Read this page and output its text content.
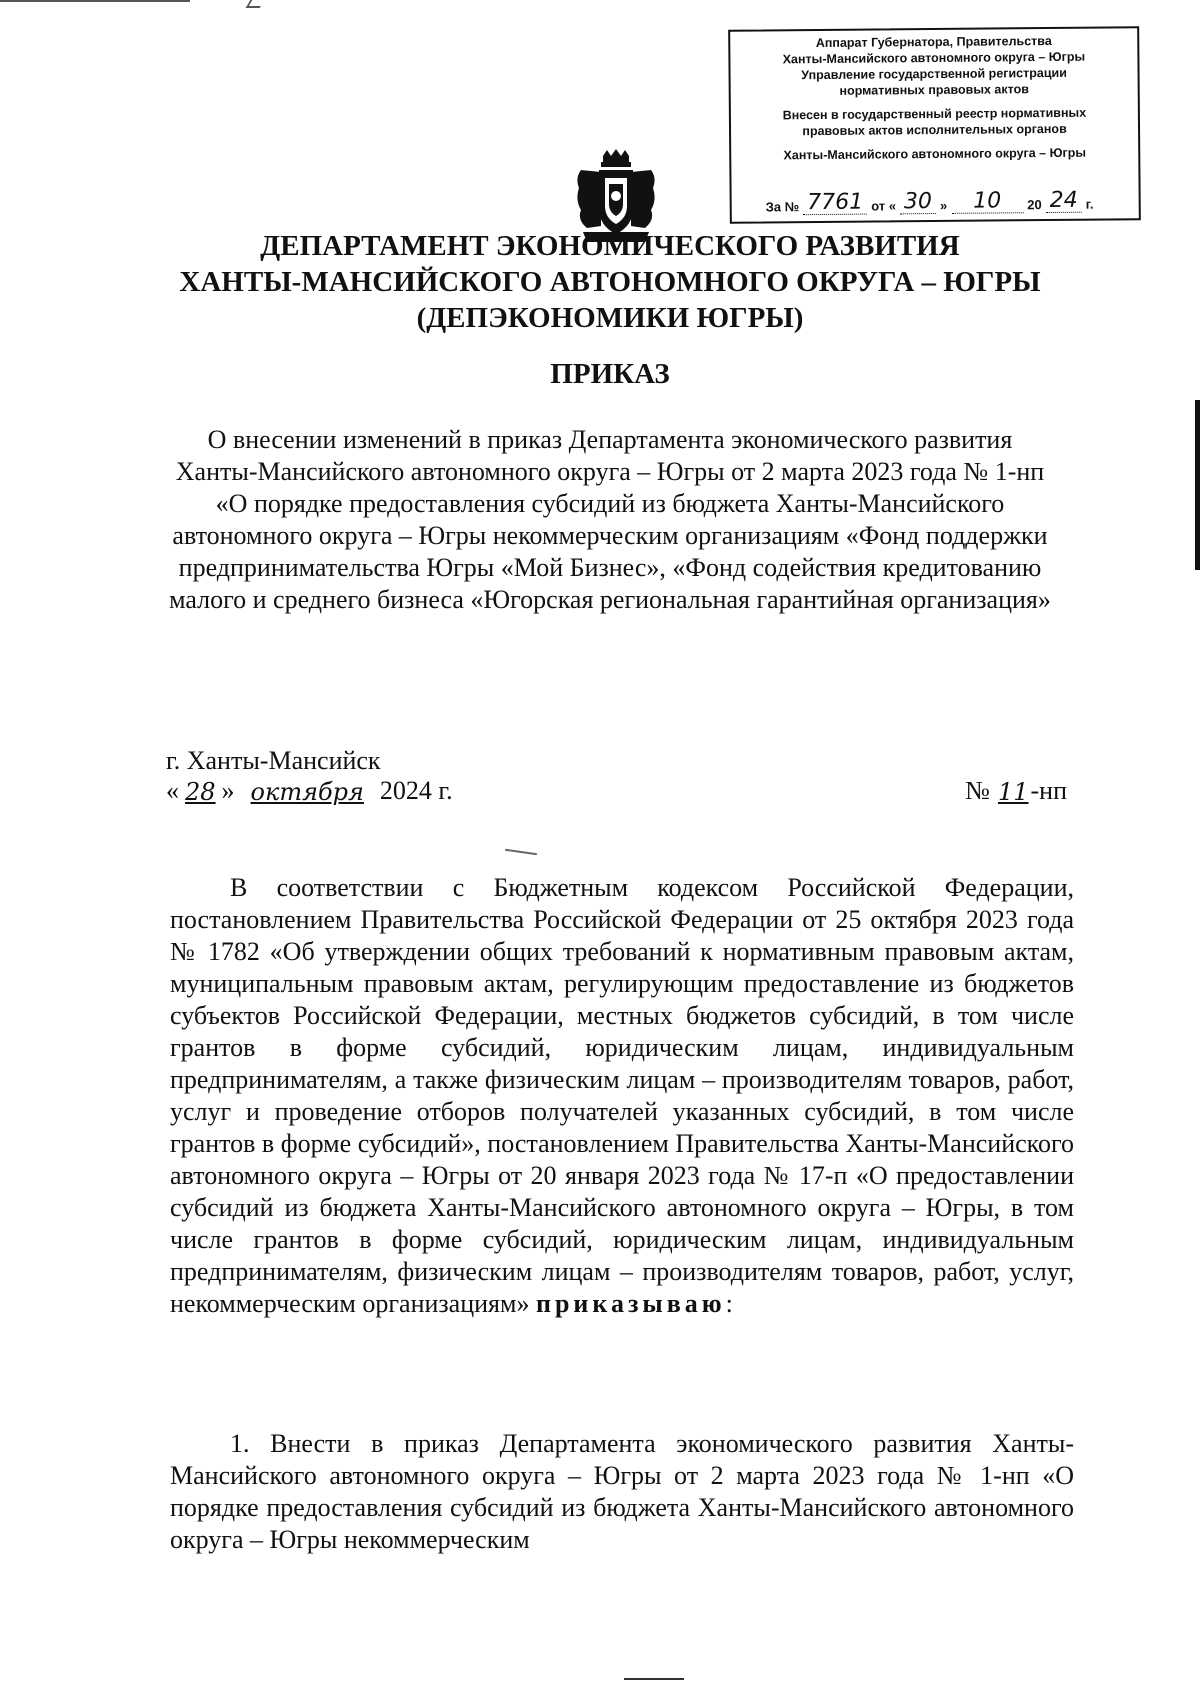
Аппарат Губернатора, Правительства
Ханты-Мансийского автономного округа – Югры
Управление государственной регистрации
нормативных правовых актов
Внесен в государственный реестр нормативных
правовых актов исполнительных органов
Ханты-Мансийского автономного округа – Югры
За № 7761 от « 30 »	10	20 24 г.
ДЕПАРТАМЕНТ ЭКОНОМИЧЕСКОГО РАЗВИТИЯ
ХАНТЫ-МАНСИЙСКОГО АВТОНОМНОГО ОКРУГА – ЮГРЫ
(ДЕПЭКОНОМИКИ ЮГРЫ)
ПРИКАЗ
О внесении изменений в приказ Департамента экономического развития Ханты-Мансийского автономного округа – Югры от 2 марта 2023 года № 1-нп «О порядке предоставления субсидий из бюджета Ханты-Мансийского автономного округа – Югры некоммерческим организациям «Фонд поддержки предпринимательства Югры «Мой Бизнес», «Фонд содействия кредитованию малого и среднего бизнеса «Югорская региональная гарантийная организация»
г. Ханты-Мансийск
« 28 » октября 2024 г.	№ 11 -нп
В соответствии с Бюджетным кодексом Российской Федерации, постановлением Правительства Российской Федерации от 25 октября 2023 года № 1782 «Об утверждении общих требований к нормативным правовым актам, муниципальным правовым актам, регулирующим предоставление из бюджетов субъектов Российской Федерации, местных бюджетов субсидий, в том числе грантов в форме субсидий, юридическим лицам, индивидуальным предпринимателям, а также физическим лицам – производителям товаров, работ, услуг и проведение отборов получателей указанных субсидий, в том числе грантов в форме субсидий», постановлением Правительства Ханты-Мансийского автономного округа – Югры от 20 января 2023 года № 17-п «О предоставлении субсидий из бюджета Ханты-Мансийского автономного округа – Югры, в том числе грантов в форме субсидий, юридическим лицам, индивидуальным предпринимателям, физическим лицам – производителям товаров, работ, услуг, некоммерческим организациям» приказываю:
1. Внести в приказ Департамента экономического развития Ханты-Мансийского автономного округа – Югры от 2 марта 2023 года № 1-нп «О порядке предоставления субсидий из бюджета Ханты-Мансийского автономного округа – Югры некоммерческим
